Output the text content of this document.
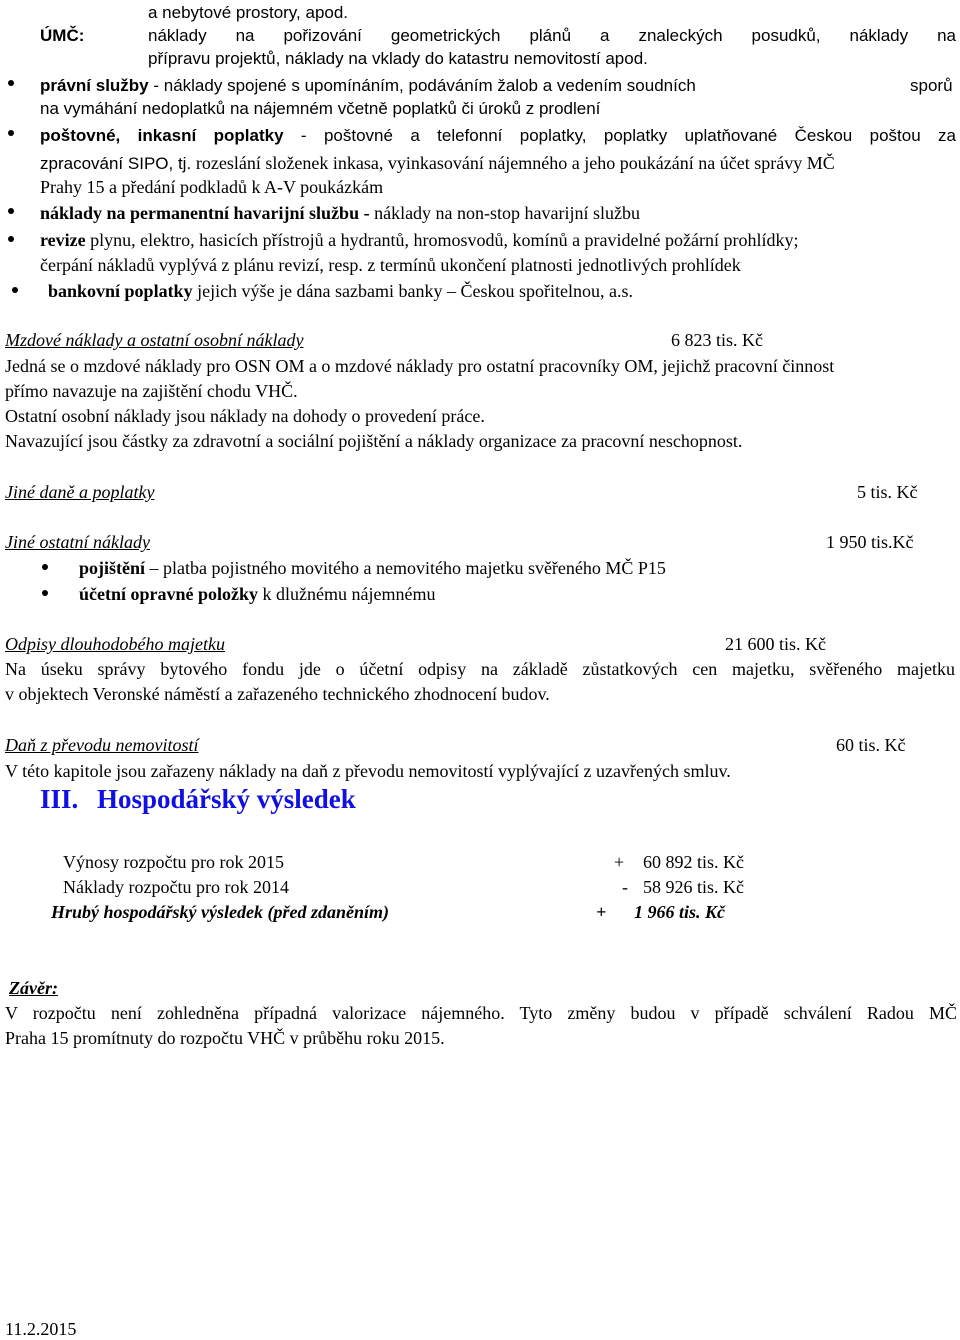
a nebytové prostory, apod.
ÚMČ:	náklady na pořizování geometrických plánů a znaleckých posudků, náklady na
přípravu projektů, náklady na vklady do katastru nemovitostí apod.
právní služby - náklady spojené s upomínáním, podáváním žalob a vedením soudních	sporů
na vymáhání nedoplatků na nájemném včetně poplatků či úroků z prodlení
poštovné, inkasní poplatky - poštovné a telefonní poplatky, poplatky uplatňované Českou poštou za
zpracování SIPO, tj. rozeslání složenek inkasa, vyinkasování nájemného a jeho poukázání na účet správy MČ
Prahy 15 a předání podkladů k A-V poukázkám
náklady na permanentní havarijní službu - náklady na non-stop havarijní službu
revize plynu, elektro, hasicích přístrojů a hydrantů, hromosvodů, komínů a pravidelné požární prohlídky;
čerpání nákladů vyplývá z plánu revizí, resp. z termínů ukončení platnosti jednotlivých prohlídek
bankovní poplatky jejich výše je dána sazbami banky – Českou spořitelnou, a.s.
Mzdové náklady a ostatní osobní náklady	6 823 tis. Kč
Jedná se o mzdové náklady pro OSN OM a o mzdové náklady pro ostatní pracovníky OM, jejichž pracovní činnost
přímo navazuje na zajištění chodu VHČ.
Ostatní osobní náklady jsou náklady na dohody o provedení práce.
Navazující jsou částky za zdravotní a sociální pojištění a náklady organizace za pracovní neschopnost.
Jiné daně a poplatky	5 tis. Kč
Jiné ostatní náklady	1 950 tis.Kč
pojištění – platba pojistného movitého a nemovitého majetku svěřeného MČ P15
účetní opravné položky k dlužnému nájemnému
Odpisy dlouhodobého majetku	21 600 tis. Kč
Na úseku správy bytového fondu jde o účetní odpisy na základě zůstatkových cen majetku, svěřeného majetku
v objektech Veronské náměstí a zařazeného technického zhodnocení budov.
Daň z převodu nemovitostí	60 tis. Kč
V této kapitole jsou zařazeny náklady na daň z převodu nemovitostí vyplývající z uzavřených smluv.
III. Hospodářský výsledek
Výnosy rozpočtu pro rok 2015	+ 60 892 tis. Kč
Náklady rozpočtu pro rok 2014	- 58 926 tis. Kč
Hrubý hospodářský výsledek (před zdaněním)	+ 1 966 tis. Kč
Závěr:
V rozpočtu není zohledněna případná valorizace nájemného. Tyto změny budou v případě schválení Radou MČ
Praha 15 promítnuty do rozpočtu VHČ v průběhu roku 2015.
11.2.2015
